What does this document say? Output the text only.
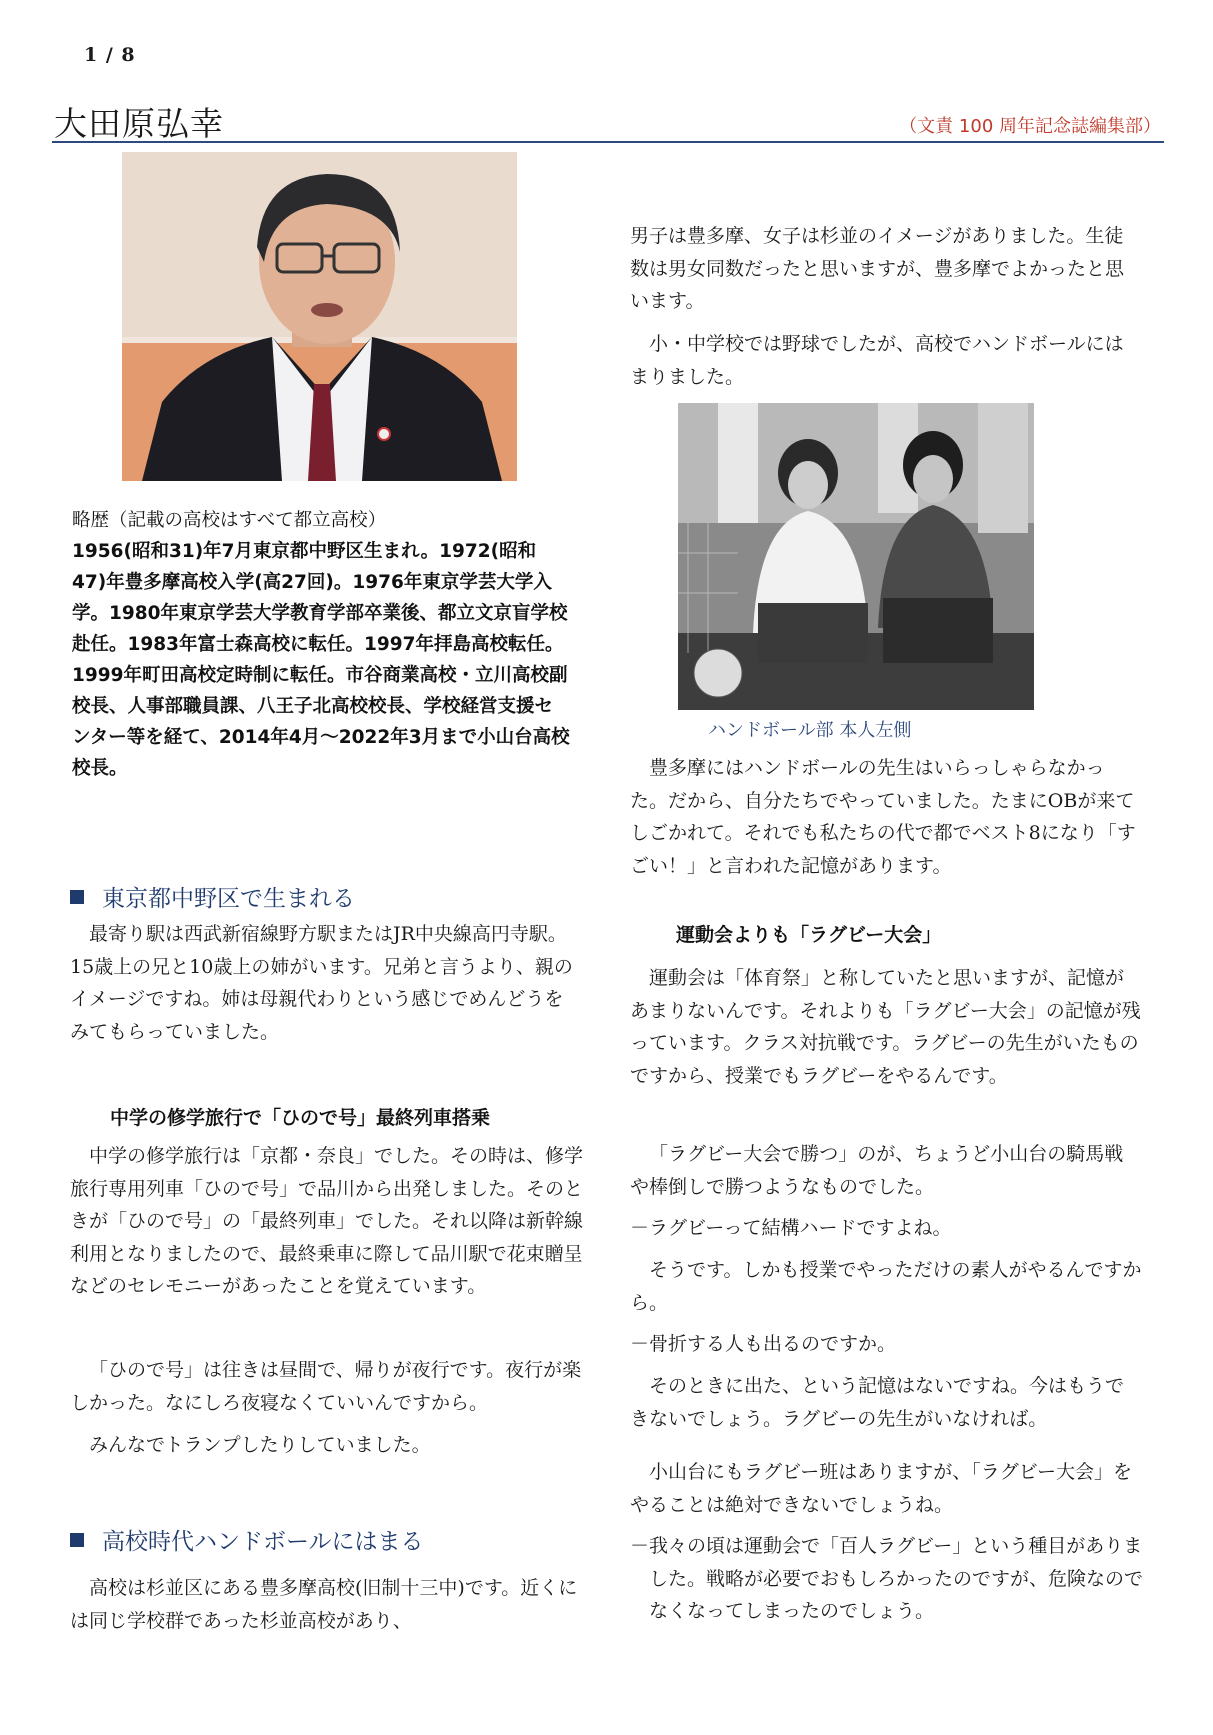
1 / 8
大田原弘幸	（文責 100 周年記念誌編集部）
略歴（記載の高校はすべて都立高校）
1956(昭和31)年7月東京都中野区生まれ。1972(昭和47)年豊多摩高校入学(高27回)。1976年東京学芸大学入学。1980年東京学芸大学教育学部卒業後、都立文京盲学校赴任。1983年富士森高校に転任。1997年拝島高校転任。1999年町田高校定時制に転任。市谷商業高校・立川高校副校長、人事部職員課、八王子北高校校長、学校経営支援センター等を経て、2014年4月～2022年3月まで小山台高校校長。
東京都中野区で生まれる

最寄り駅は西武新宿線野方駅またはJR中央線高円寺駅。15歳上の兄と10歳上の姉がいます。兄弟と言うより、親のイメージですね。姉は母親代わりという感じでめんどうをみてもらっていました。

中学の修学旅行で「ひので号」最終列車搭乗

中学の修学旅行は「京都・奈良」でした。その時は、修学旅行専用列車「ひので号」で品川から出発しました。そのときが「ひので号」の「最終列車」でした。それ以降は新幹線利用となりましたので、最終乗車に際して品川駅で花束贈呈などのセレモニーがあったことを覚えています。

「ひので号」は往きは昼間で、帰りが夜行です。夜行が楽しかった。なにしろ夜寝なくていいんですから。

みんなでトランプしたりしていました。

高校時代ハンドボールにはまる

高校は杉並区にある豊多摩高校(旧制十三中)です。近くには同じ学校群であった杉並高校があり、

男子は豊多摩、女子は杉並のイメージがありました。生徒数は男女同数だったと思いますが、豊多摩でよかったと思います。

小・中学校では野球でしたが、高校でハンドボールにはまりました。

ハンドボール部 本人左側

豊多摩にはハンドボールの先生はいらっしゃらなかった。だから、自分たちでやっていました。たまにOBが来てしごかれて。それでも私たちの代で都でベスト8になり「すごい！」と言われた記憶があります。

運動会よりも「ラグビー大会」

運動会は「体育祭」と称していたと思いますが、記憶があまりないんです。それよりも「ラグビー大会」の記憶が残っています。クラス対抗戦です。ラグビーの先生がいたものですから、授業でもラグビーをやるんです。

「ラグビー大会で勝つ」のが、ちょうど小山台の騎馬戦や棒倒しで勝つようなものでした。

－ラグビーって結構ハードですよね。

そうです。しかも授業でやっただけの素人がやるんですから。

－骨折する人も出るのですか。

そのときに出た、という記憶はないですね。今はもうできないでしょう。ラグビーの先生がいなければ。

小山台にもラグビー班はありますが、「ラグビー大会」をやることは絶対できないでしょうね。

－我々の頃は運動会で「百人ラグビー」という種目がありました。戦略が必要でおもしろかったのですが、危険なのでなくなってしまったのでしょう。
